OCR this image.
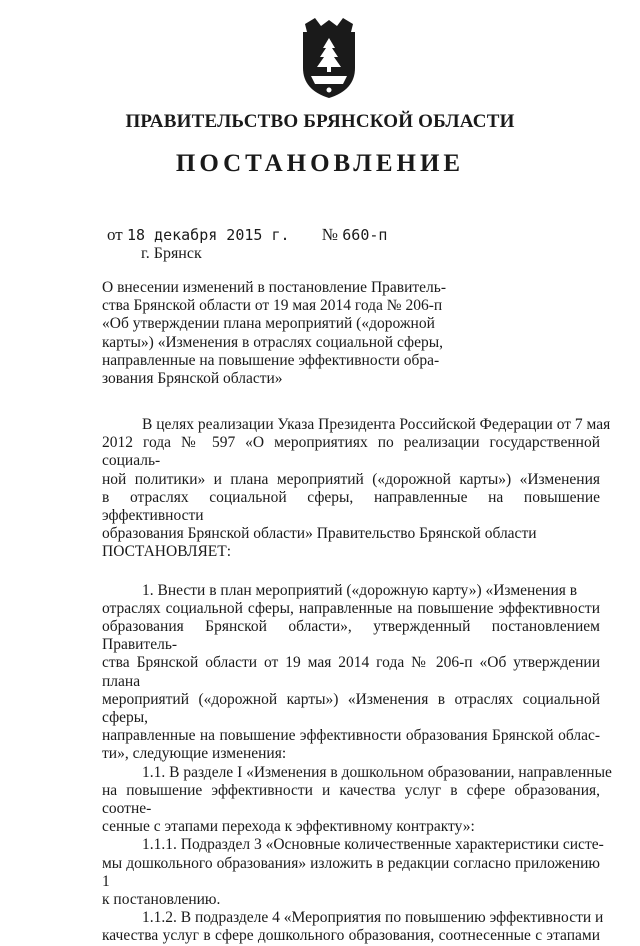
ПРАВИТЕЛЬСТВО БРЯНСКОЙ ОБЛАСТИ
ПОСТАНОВЛЕНИЕ
от 18 декабря 2015 г. № 660-п
г. Брянск
О внесении изменений в постановление Правитель-
ства Брянской области от 19 мая 2014 года № 206-п
«Об утверждении плана мероприятий («дорожной
карты») «Изменения в отраслях социальной сферы,
направленные на повышение эффективности обра-
зования Брянской области»
В целях реализации Указа Президента Российской Федерации от 7 мая
2012 года № 597 «О мероприятиях по реализации государственной социаль-
ной политики» и плана мероприятий («дорожной карты») «Изменения
в отраслях социальной сферы, направленные на повышение эффективности
образования Брянской области» Правительство Брянской области
ПОСТАНОВЛЯЕТ:
1. Внести в план мероприятий («дорожную карту») «Изменения в
отраслях социальной сферы, направленные на повышение эффективности
образования Брянской области», утвержденный постановлением Правитель-
ства Брянской области от 19 мая 2014 года № 206-п «Об утверждении плана
мероприятий («дорожной карты») «Изменения в отраслях социальной сферы,
направленные на повышение эффективности образования Брянской облас-
ти», следующие изменения:
1.1. В разделе I «Изменения в дошкольном образовании, направленные
на повышение эффективности и качества услуг в сфере образования, соотне-
сенные с этапами перехода к эффективному контракту»:
1.1.1. Подраздел 3 «Основные количественные характеристики систе-
мы дошкольного образования» изложить в редакции согласно приложению 1
к постановлению.
1.1.2. В подразделе 4 «Мероприятия по повышению эффективности и
качества услуг в сфере дошкольного образования, соотнесенные с этапами
